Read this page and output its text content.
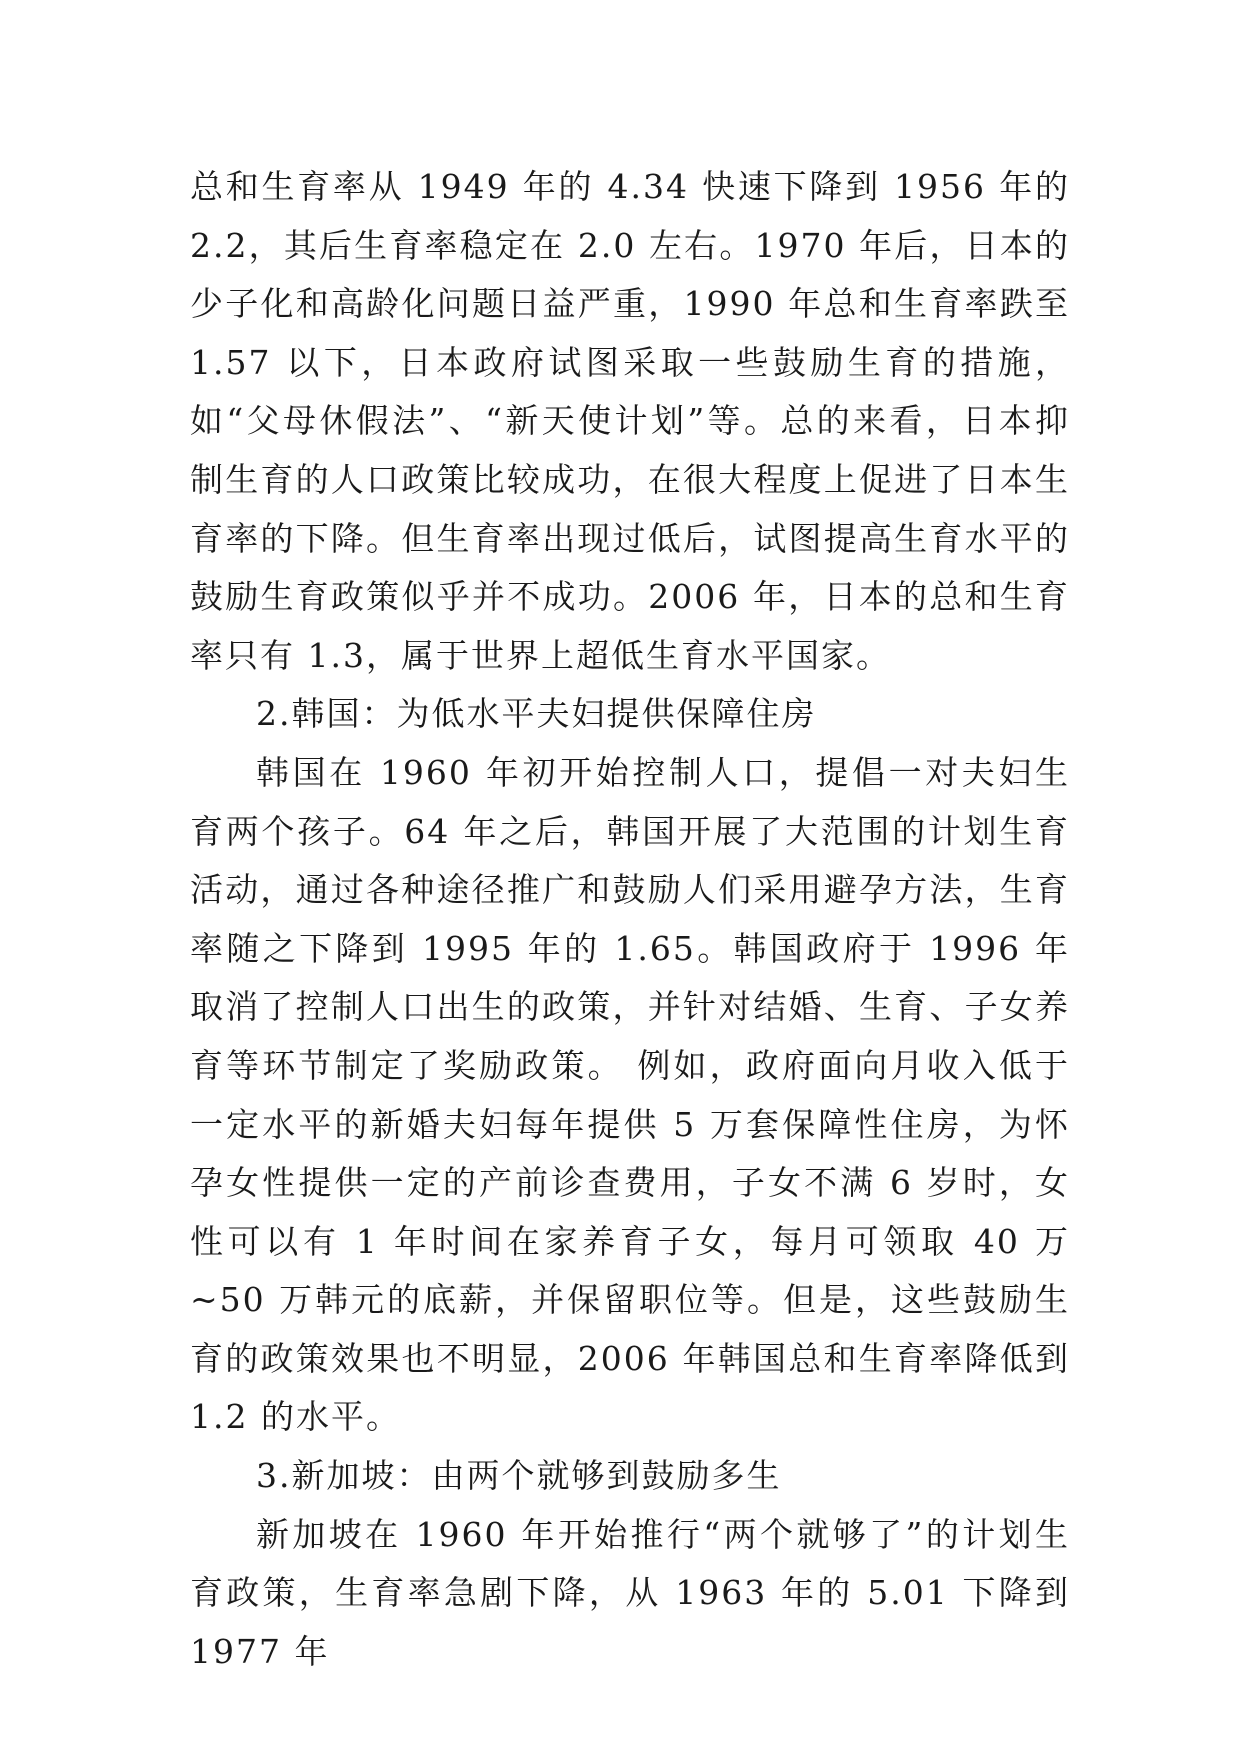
总和生育率从 1949 年的 4.34 快速下降到 1956 年的 2.2，其后生育率稳定在 2.0 左右。1970 年后，日本的少子化和高龄化问题日益严重，1990 年总和生育率跌至 1.57 以下，日本政府试图采取一些鼓励生育的措施，如“父母休假法”、“新天使计划”等。总的来看，日本抑制生育的人口政策比较成功，在很大程度上促进了日本生育率的下降。但生育率出现过低后，试图提高生育水平的鼓励生育政策似乎并不成功。2006 年，日本的总和生育率只有 1.3，属于世界上超低生育水平国家。

2.韩国：为低水平夫妇提供保障住房

韩国在 1960 年初开始控制人口，提倡一对夫妇生育两个孩子。64 年之后，韩国开展了大范围的计划生育活动，通过各种途径推广和鼓励人们采用避孕方法，生育率随之下降到 1995 年的 1.65。韩国政府于 1996 年取消了控制人口出生的政策，并针对结婚、生育、子女养育等环节制定了奖励政策。 例如，政府面向月收入低于一定水平的新婚夫妇每年提供 5 万套保障性住房，为怀孕女性提供一定的产前诊查费用，子女不满 6 岁时，女性可以有 1 年时间在家养育子女，每月可领取 40 万~50 万韩元的底薪，并保留职位等。但是，这些鼓励生育的政策效果也不明显，2006 年韩国总和生育率降低到 1.2 的水平。

3.新加坡：由两个就够到鼓励多生

新加坡在 1960 年开始推行“两个就够了”的计划生育政策，生育率急剧下降，从 1963 年的 5.01 下降到 1977 年
